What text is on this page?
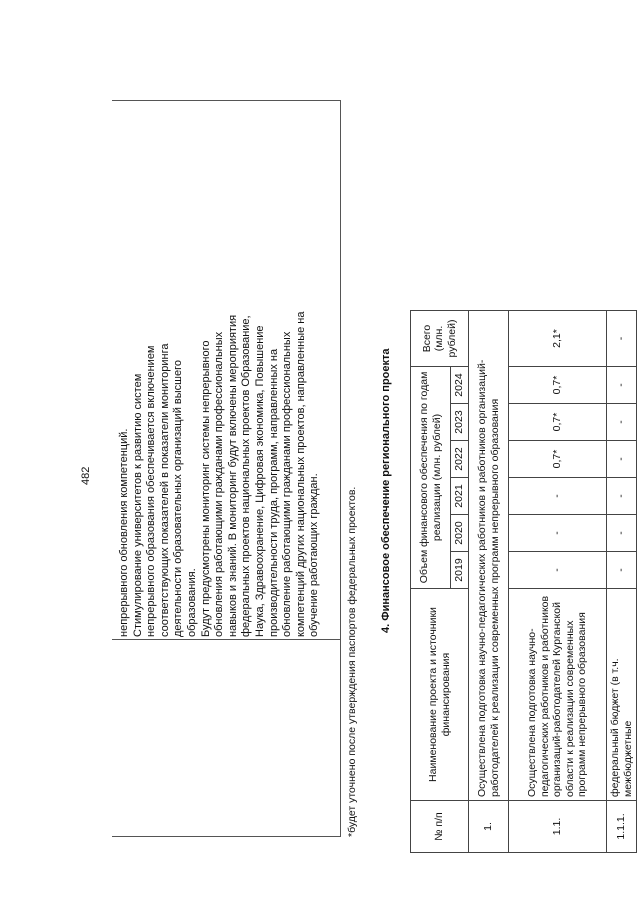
482 непрерывного обновления компетенций. Стимулирование университетов к развитию систем непрерывного образования обеспечивается включением соответствующих показателей в показатели мониторинга деятельности образовательных организаций высшего образования. Будут предусмотрены мониторинг системы непрерывного обновления работающими гражданами профессиональных навыков и знаний. В мониторинг будут включены мероприятия федеральных проектов национальных проектов Образование, Наука, Здравоохранение, Цифровая экономика, Повышение производительности труда, программ, направленных на обновление работающими гражданами профессиональных компетенций других национальных проектов, направленные на обучение работающих граждан. *будет уточнено после утверждения паспортов федеральных проектов. 4. Финансовое обеспечение регионального проекта
№ п/п	Наименование проекта и источники финансирования	Объем финансового обеспечения по годам реализации (млн. рублей)						Всего (млн. рублей)
		2019	2020	2021	2022	2023	2024	
1.	Осуществлена подготовка научно-педагогических работников и работников организаций-работодателей к реализации современных программ непрерывного образования							
1.1.	Осуществлена подготовка научно-педагогических работников и работников организаций-работодателей Курганской области к реализации современных программ непрерывного образования	-	-	-	0,7*	0,7*	0,7*	2,1*
1.1.1.	федеральный бюджет (в т.ч. межбюджетные	-	-	-	-	-	-	-
